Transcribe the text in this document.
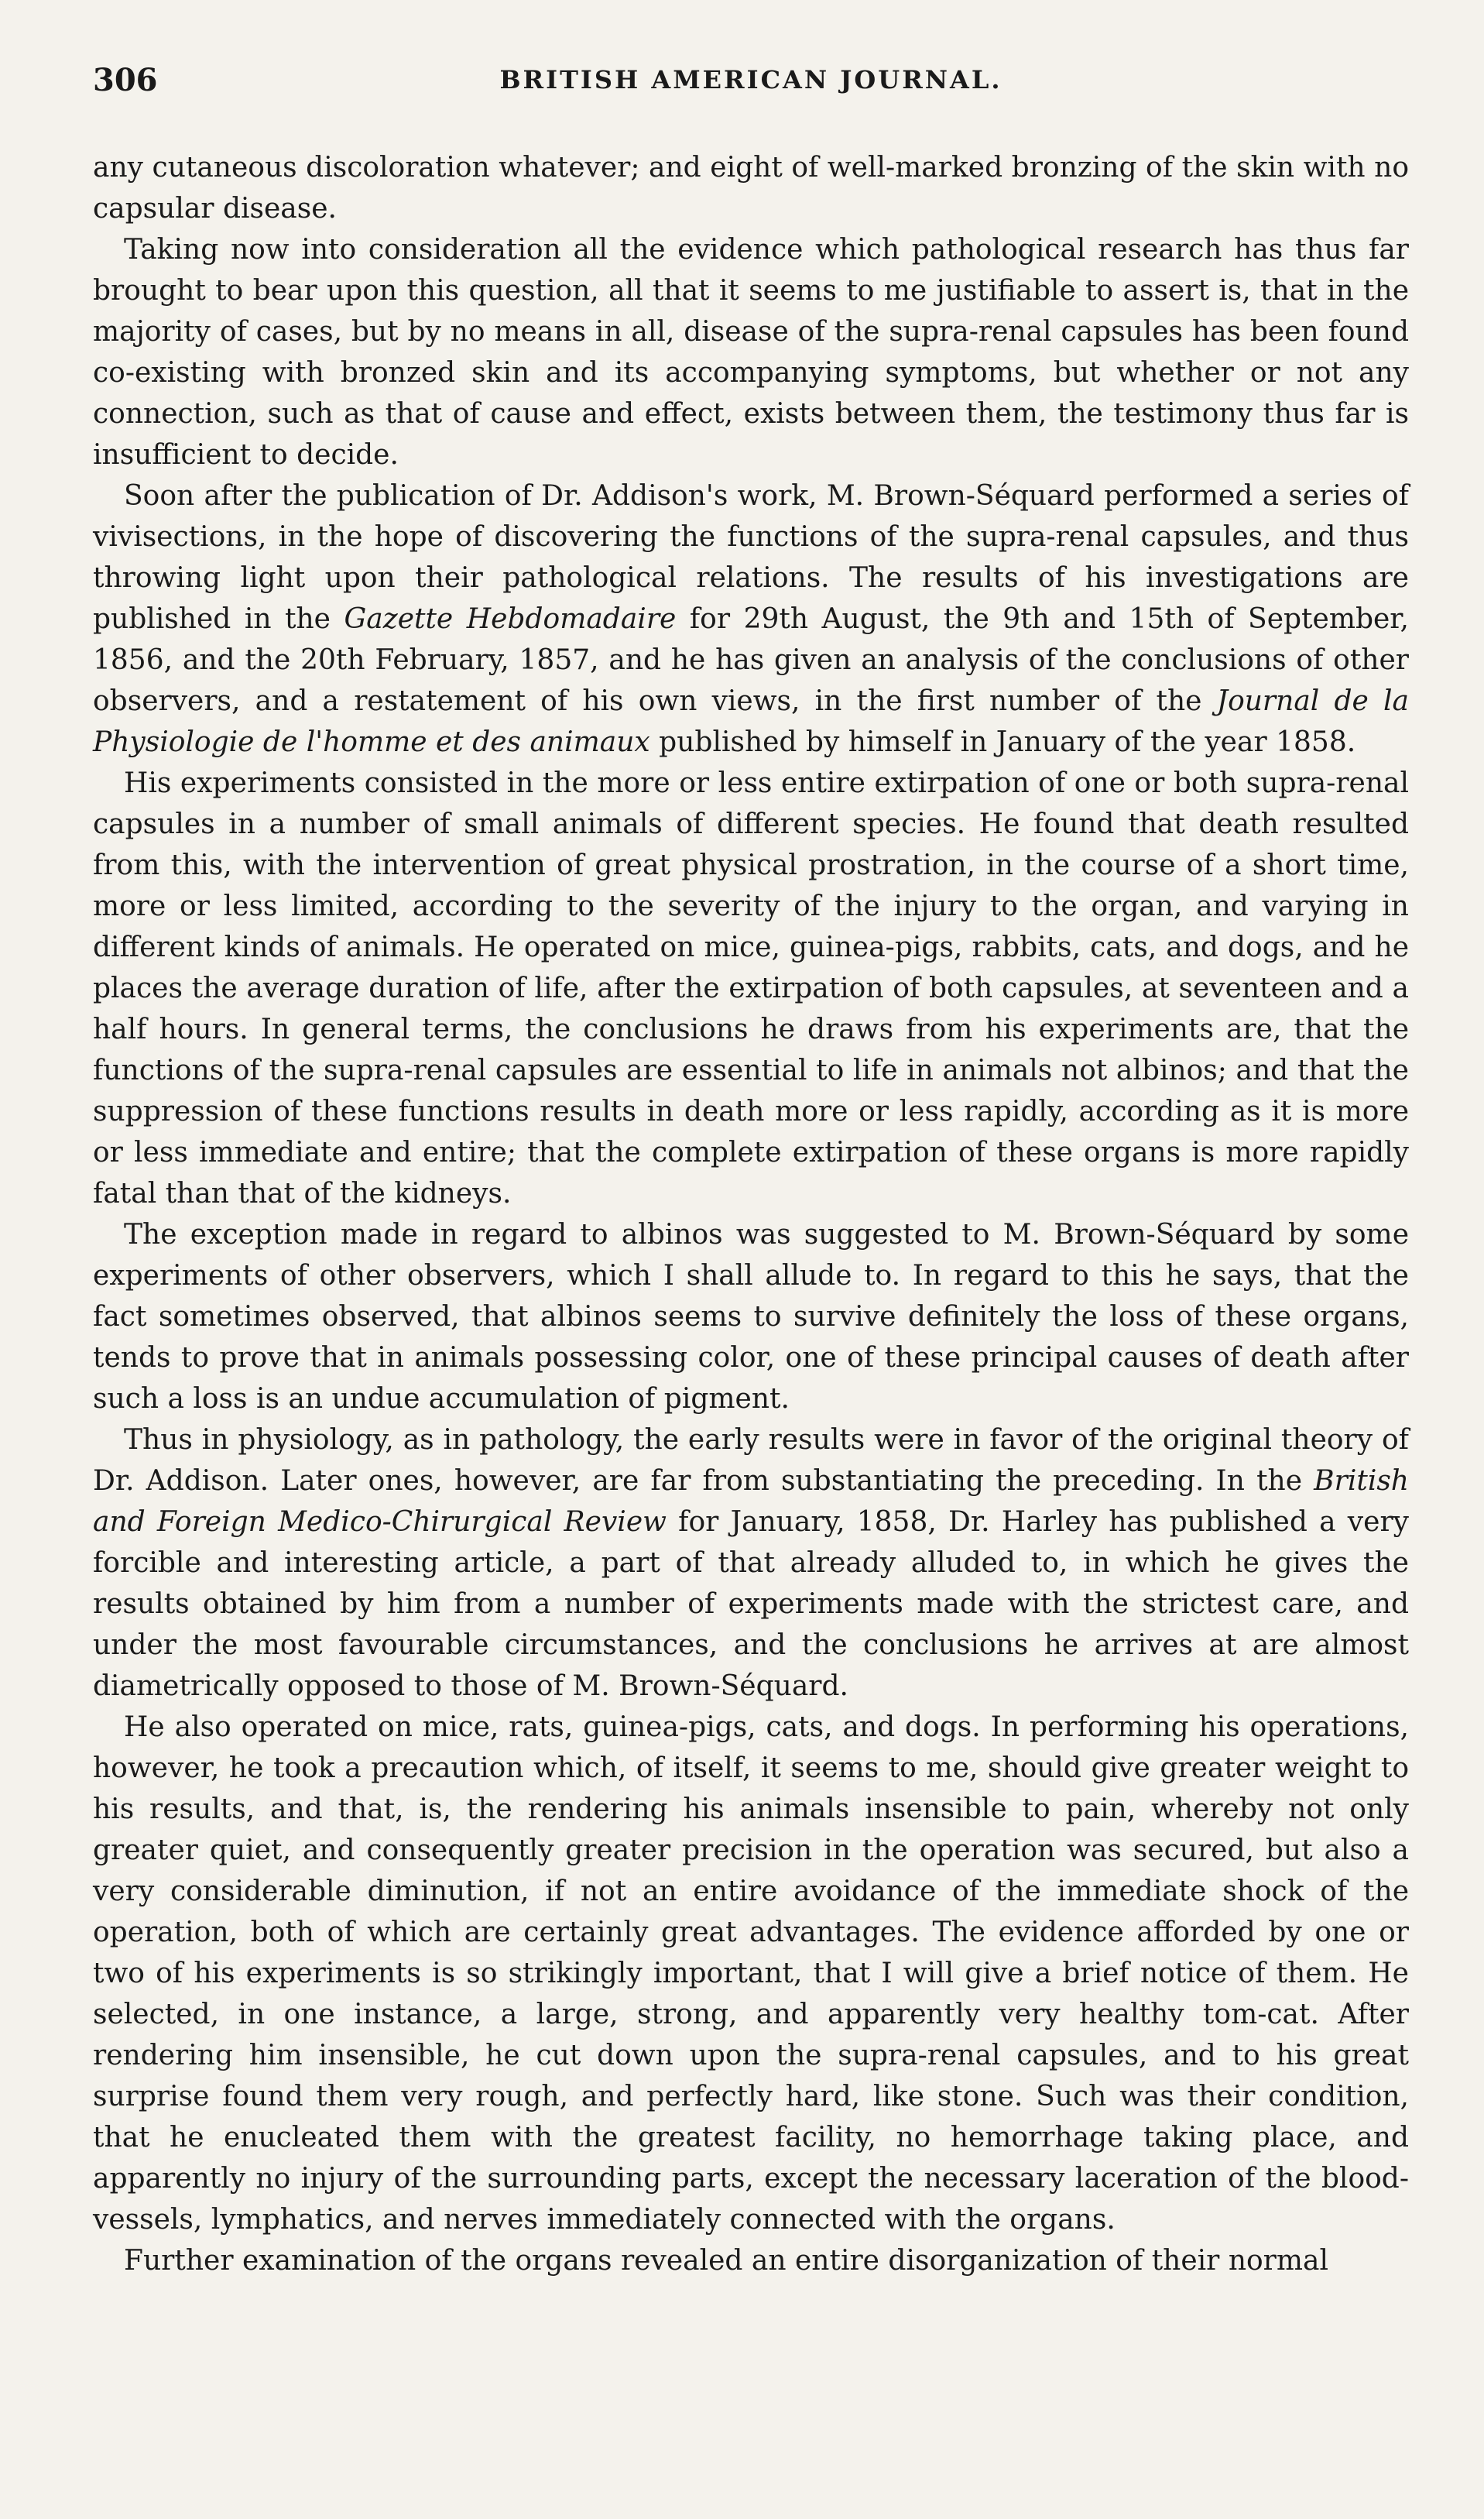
306	BRITISH AMERICAN JOURNAL.

any cutaneous discoloration whatever; and eight of well-marked bronzing of the skin with no capsular disease.

Taking now into consideration all the evidence which pathological research has thus far brought to bear upon this question, all that it seems to me justifiable to assert is, that in the majority of cases, but by no means in all, disease of the supra-renal capsules has been found co-existing with bronzed skin and its accompanying symptoms, but whether or not any connection, such as that of cause and effect, exists between them, the testimony thus far is insufficient to decide.

Soon after the publication of Dr. Addison's work, M. Brown-Séquard performed a series of vivisections, in the hope of discovering the functions of the supra-renal capsules, and thus throwing light upon their pathological relations. The results of his investigations are published in the Gazette Hebdomadaire for 29th August, the 9th and 15th of September, 1856, and the 20th February, 1857, and he has given an analysis of the conclusions of other observers, and a restatement of his own views, in the first number of the Journal de la Physiologie de l'homme et des animaux published by himself in January of the year 1858.

His experiments consisted in the more or less entire extirpation of one or both supra-renal capsules in a number of small animals of different species. He found that death resulted from this, with the intervention of great physical prostration, in the course of a short time, more or less limited, according to the severity of the injury to the organ, and varying in different kinds of animals. He operated on mice, guinea-pigs, rabbits, cats, and dogs, and he places the average duration of life, after the extirpation of both capsules, at seventeen and a half hours. In general terms, the conclusions he draws from his experiments are, that the functions of the supra-renal capsules are essential to life in animals not albinos; and that the suppression of these functions results in death more or less rapidly, according as it is more or less immediate and entire; that the complete extirpation of these organs is more rapidly fatal than that of the kidneys.

The exception made in regard to albinos was suggested to M. Brown-Séquard by some experiments of other observers, which I shall allude to. In regard to this he says, that the fact sometimes observed, that albinos seems to survive definitely the loss of these organs, tends to prove that in animals possessing color, one of these principal causes of death after such a loss is an undue accumulation of pigment.

Thus in physiology, as in pathology, the early results were in favor of the original theory of Dr. Addison. Later ones, however, are far from substantiating the preceding. In the British and Foreign Medico-Chirurgical Review for January, 1858, Dr. Harley has published a very forcible and interesting article, a part of that already alluded to, in which he gives the results obtained by him from a number of experiments made with the strictest care, and under the most favourable circumstances, and the conclusions he arrives at are almost diametrically opposed to those of M. Brown-Séquard.

He also operated on mice, rats, guinea-pigs, cats, and dogs. In performing his operations, however, he took a precaution which, of itself, it seems to me, should give greater weight to his results, and that, is, the rendering his animals insensible to pain, whereby not only greater quiet, and consequently greater precision in the operation was secured, but also a very considerable diminution, if not an entire avoidance of the immediate shock of the operation, both of which are certainly great advantages. The evidence afforded by one or two of his experiments is so strikingly important, that I will give a brief notice of them. He selected, in one instance, a large, strong, and apparently very healthy tom-cat. After rendering him insensible, he cut down upon the supra-renal capsules, and to his great surprise found them very rough, and perfectly hard, like stone. Such was their condition, that he enucleated them with the greatest facility, no hemorrhage taking place, and apparently no injury of the surrounding parts, except the necessary laceration of the blood-vessels, lymphatics, and nerves immediately connected with the organs.

Further examination of the organs revealed an entire disorganization of their normal
